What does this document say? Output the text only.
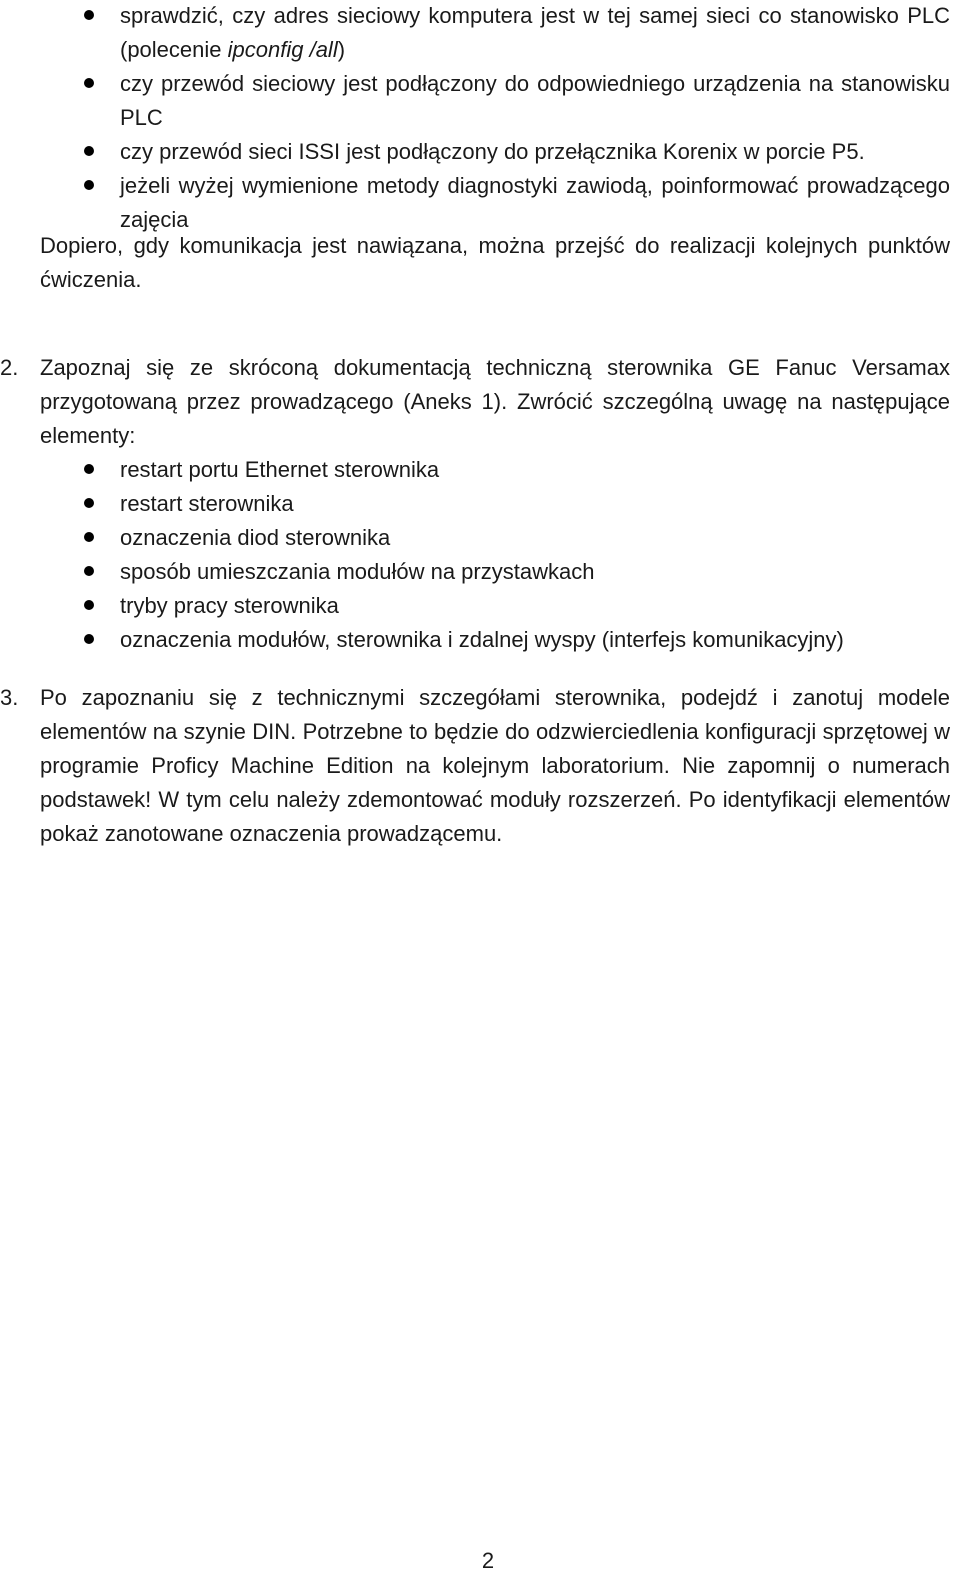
sprawdzić, czy adres sieciowy komputera jest w tej samej sieci co stanowisko PLC (polecenie ipconfig /all)
czy przewód sieciowy jest podłączony do odpowiedniego urządzenia na stanowisku PLC
czy przewód sieci ISSI jest podłączony do przełącznika Korenix w porcie P5.
jeżeli wyżej wymienione metody diagnostyki zawiodą, poinformować prowadzącego zajęcia
Dopiero, gdy komunikacja jest nawiązana, można przejść do realizacji kolejnych punktów ćwiczenia.
2. Zapoznaj się ze skróconą dokumentacją techniczną sterownika GE Fanuc Versamax przygotowaną przez prowadzącego (Aneks 1). Zwrócić szczególną uwagę na następujące elementy:
restart portu Ethernet sterownika
restart sterownika
oznaczenia diod sterownika
sposób umieszczania modułów na przystawkach
tryby pracy sterownika
oznaczenia modułów, sterownika i zdalnej wyspy (interfejs komunikacyjny)
3. Po zapoznaniu się z technicznymi szczegółami sterownika, podejdź i zanotuj modele elementów na szynie DIN. Potrzebne to będzie do odzwierciedlenia konfiguracji sprzętowej w programie Proficy Machine Edition na kolejnym laboratorium. Nie zapomnij o numerach podstawek! W tym celu należy zdemontować moduły rozszerzeń. Po identyfikacji elementów pokaż zanotowane oznaczenia prowadzącemu.
2
